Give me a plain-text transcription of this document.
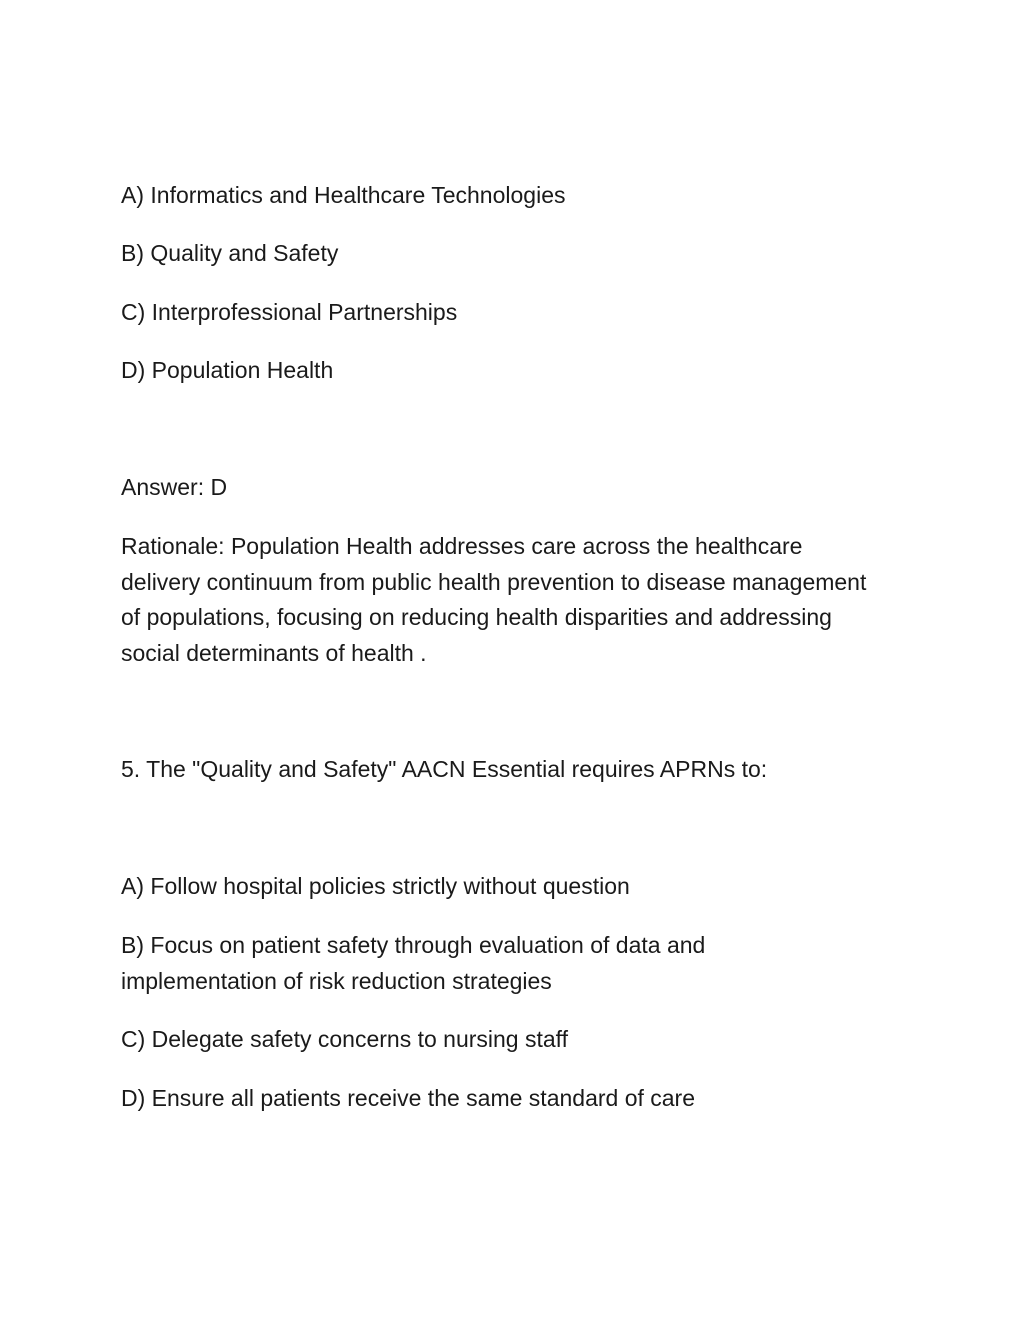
A) Informatics and Healthcare Technologies
B) Quality and Safety
C) Interprofessional Partnerships
D) Population Health
Answer: D
Rationale: Population Health addresses care across the healthcare delivery continuum from public health prevention to disease management of populations, focusing on reducing health disparities and addressing social determinants of health .
5. The "Quality and Safety" AACN Essential requires APRNs to:
A) Follow hospital policies strictly without question
B) Focus on patient safety through evaluation of data and implementation of risk reduction strategies
C) Delegate safety concerns to nursing staff
D) Ensure all patients receive the same standard of care
